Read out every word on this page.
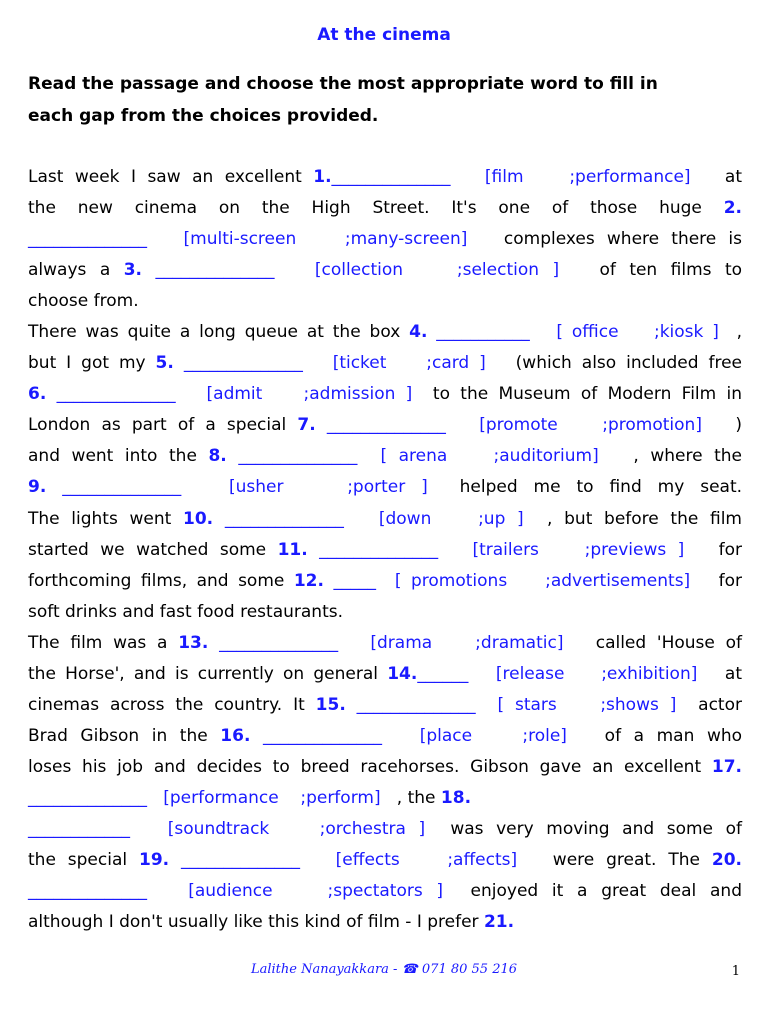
At the cinema
Read the passage and choose the most appropriate word to fill in
each gap from the choices provided.
Last week I saw an excellent 1.______________ [film    ;performance]   at
the new cinema on the High Street. It's one of those huge 2.
______________ [multi-screen    ;many-screen]   complexes where there is
always a 3. ______________ [collection    ;selection ]   of ten films to
choose from.
There was quite a long queue at the box 4. ___________ [ office    ;kiosk ]  ,
but I got my 5. ______________ [ticket    ;card ]   (which also included free
6. ______________ [admit    ;admission ]  to the Museum of Modern Film in
London as part of a special 7. ______________ [promote    ;promotion]   )
and went into the 8. ______________ [ arena    ;auditorium]   , where the
9. ______________	[usher    ;porter ]  helped me to find my seat.
The lights went 10. ______________ [down    ;up ]  , but before the film
started we watched some 11. ______________ [trailers    ;previews ]   for
forthcoming films, and some 12. _____ [ promotions    ;advertisements]   for
soft drinks and fast food restaurants.
The film was a 13. ______________ [drama    ;dramatic]   called 'House of
the Horse', and is currently on general 14.______ [release    ;exhibition]   at
cinemas across the country. It 15. ______________ [ stars    ;shows ]  actor
Brad Gibson in the 16. ______________ [place    ;role]   of a man who
loses his job and decides to breed racehorses. Gibson gave an excellent 17.
______________ [performance    ;perform]   , the 18.
____________ [soundtrack    ;orchestra ]  was very moving and some of
the special 19. ______________ [effects    ;affects]   were great. The 20.
______________ [audience    ;spectators ]  enjoyed it a great deal and
although I don't usually like this kind of film - I prefer 21.
Lalithe Nanayakkara - ☎ 071 80 55 216	1
